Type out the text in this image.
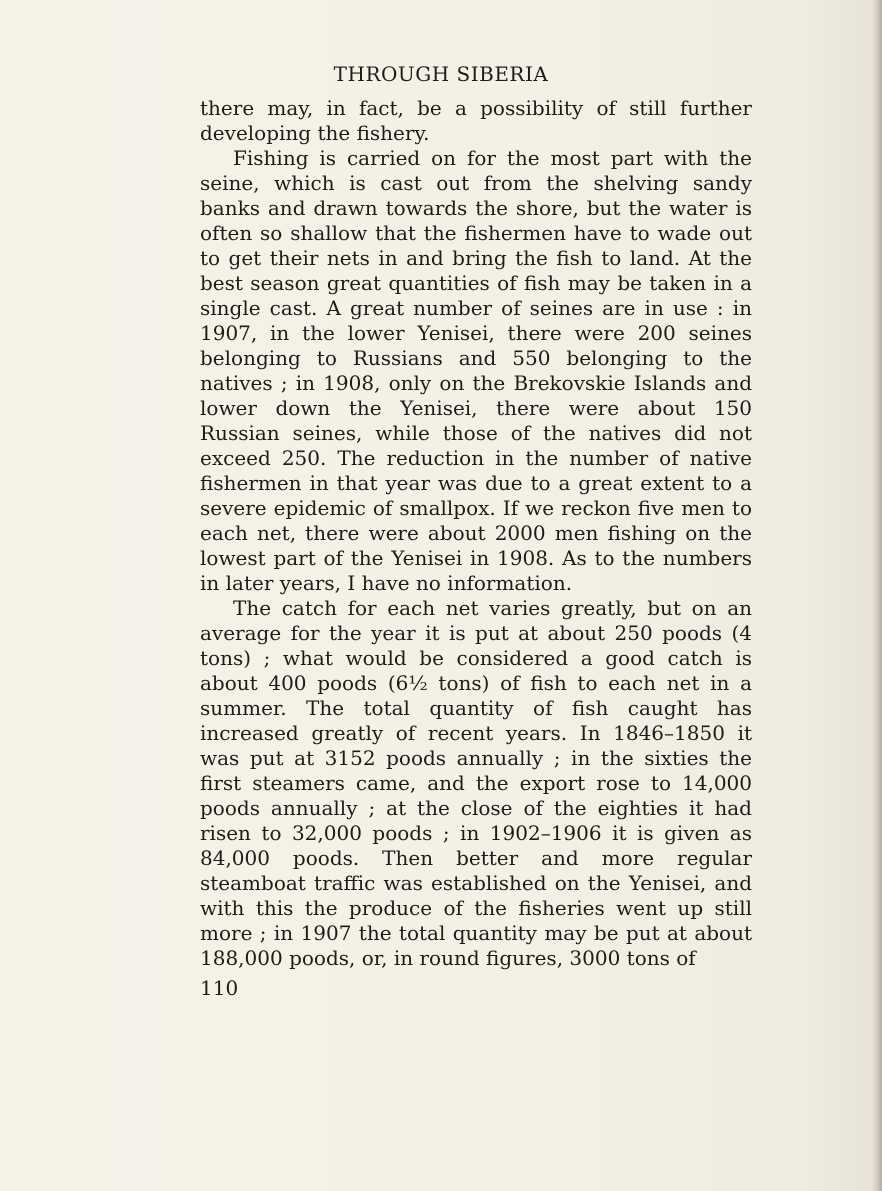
THROUGH SIBERIA

there may, in fact, be a possibility of still further developing the fishery.

Fishing is carried on for the most part with the seine, which is cast out from the shelving sandy banks and drawn towards the shore, but the water is often so shallow that the fishermen have to wade out to get their nets in and bring the fish to land. At the best season great quantities of fish may be taken in a single cast. A great number of seines are in use : in 1907, in the lower Yenisei, there were 200 seines belonging to Russians and 550 belonging to the natives ; in 1908, only on the Brekovskie Islands and lower down the Yenisei, there were about 150 Russian seines, while those of the natives did not exceed 250. The reduction in the number of native fishermen in that year was due to a great extent to a severe epidemic of smallpox. If we reckon five men to each net, there were about 2000 men fishing on the lowest part of the Yenisei in 1908. As to the numbers in later years, I have no information.

The catch for each net varies greatly, but on an average for the year it is put at about 250 poods (4 tons) ; what would be considered a good catch is about 400 poods (6½ tons) of fish to each net in a summer. The total quantity of fish caught has increased greatly of recent years. In 1846–1850 it was put at 3152 poods annually ; in the sixties the first steamers came, and the export rose to 14,000 poods annually ; at the close of the eighties it had risen to 32,000 poods ; in 1902–1906 it is given as 84,000 poods. Then better and more regular steamboat traffic was established on the Yenisei, and with this the produce of the fisheries went up still more ; in 1907 the total quantity may be put at about 188,000 poods, or, in round figures, 3000 tons of

110
